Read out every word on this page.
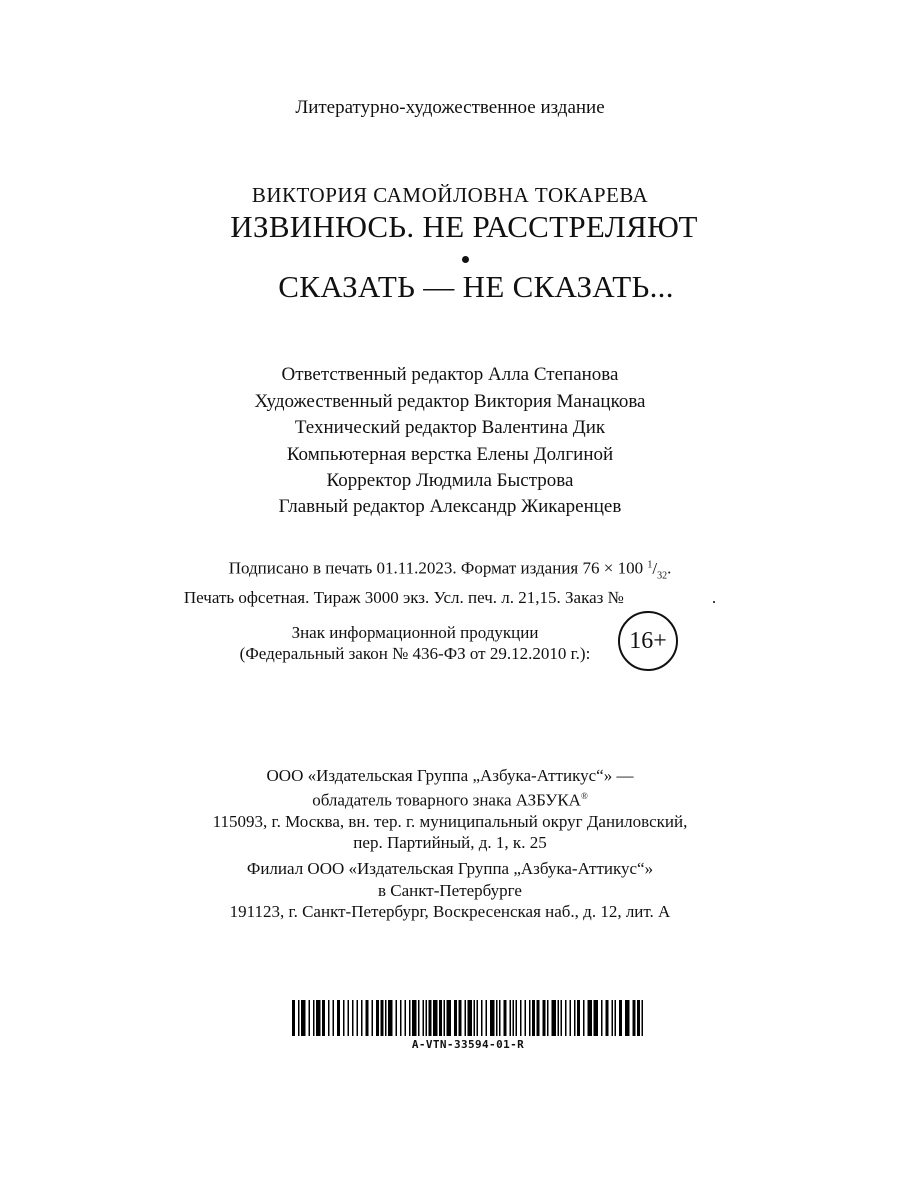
Литературно-художественное издание
ВИКТОРИЯ САМОЙЛОВНА ТОКАРЕВА
ИЗВИНЮСЬ. НЕ РАССТРЕЛЯЮТ
СКАЗАТЬ — НЕ СКАЗАТЬ...
Ответственный редактор Алла Степанова
Художественный редактор Виктория Манацкова
Технический редактор Валентина Дик
Компьютерная верстка Елены Долгиной
Корректор Людмила Быстрова
Главный редактор Александр Жикаренцев
Подписано в печать 01.11.2023. Формат издания 76 × 100 $^1/_{32}$.
Печать офсетная. Тираж 3000 экз. Усл. печ. л. 21,15. Заказ №	.
Знак информационной продукции
(Федеральный закон № 436-ФЗ от 29.12.2010 г.):	16+
ООО «Издательская Группа „Азбука-Аттикус“» —
обладатель товарного знака АЗБУКА®
115093, г. Москва, вн. тер. г. муниципальный округ Даниловский,
пер. Партийный, д. 1, к. 25
Филиал ООО «Издательская Группа „Азбука-Аттикус“»
в Санкт-Петербурге
191123, г. Санкт-Петербург, Воскресенская наб., д. 12, лит. А
A-VTN-33594-01-R
